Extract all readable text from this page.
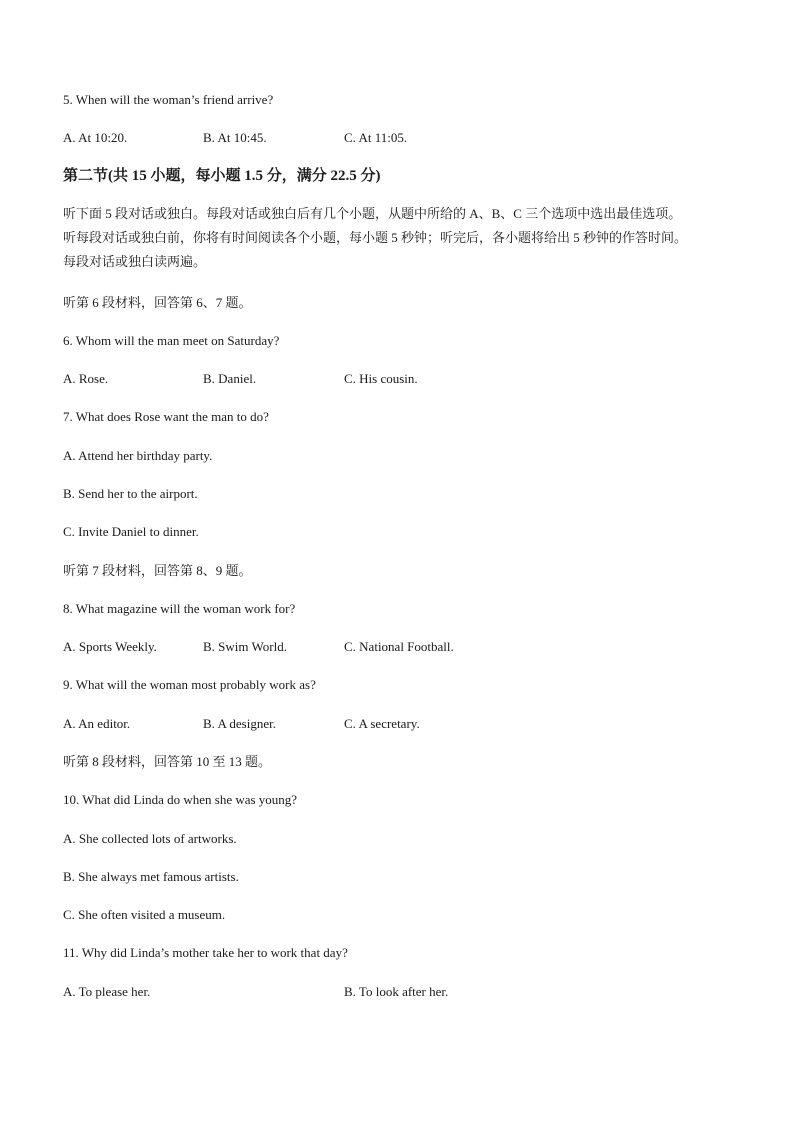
5. When will the woman’s friend arrive?
A. At 10:20.	B. At 10:45.	C. At 11:05.
第二节(共 15 小题，每小题 1.5 分，满分 22.5 分)
听下面 5 段对话或独白。每段对话或独白后有几个小题，从题中所给的 A、B、C 三个选项中选出最佳选项。
听每段对话或独白前，你将有时间阅读各个小题，每小题 5 秒钟；听完后，各小题将给出 5 秒钟的作答时间。
每段对话或独白读两遍。
听第 6 段材料，回答第 6、7 题。
6. Whom will the man meet on Saturday?
A. Rose.	B. Daniel.	C. His cousin.
7. What does Rose want the man to do?
A. Attend her birthday party.
B. Send her to the airport.
C. Invite Daniel to dinner.
听第 7 段材料，回答第 8、9 题。
8. What magazine will the woman work for?
A. Sports Weekly.	B. Swim World.	C. National Football.
9. What will the woman most probably work as?
A. An editor.	B. A designer.	C. A secretary.
听第 8 段材料，回答第 10 至 13 题。
10. What did Linda do when she was young?
A. She collected lots of artworks.
B. She always met famous artists.
C. She often visited a museum.
11. Why did Linda’s mother take her to work that day?
A. To please her.	B. To look after her.
